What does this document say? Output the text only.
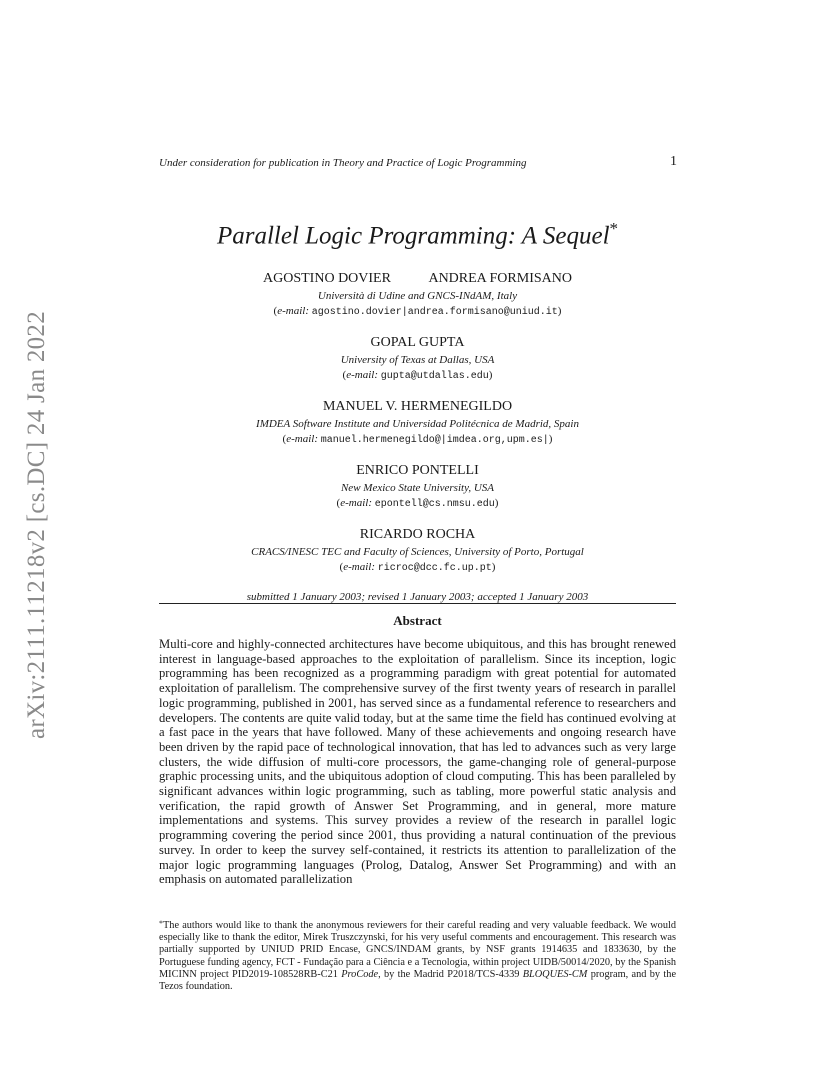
arXiv:2111.11218v2 [cs.DC] 24 Jan 2022
Under consideration for publication in Theory and Practice of Logic Programming	1
Parallel Logic Programming: A Sequel*

AGOSTINO DOVIER	ANDREA FORMISANO

Università di Udine and GNCS-INdAM, Italy

(e-mail: agostino.dovier|andrea.formisano@uniud.it)

GOPAL GUPTA

University of Texas at Dallas, USA

(e-mail: gupta@utdallas.edu)

MANUEL V. HERMENEGILDO

IMDEA Software Institute and Universidad Politécnica de Madrid, Spain

(e-mail: manuel.hermenegildo@|imdea.org,upm.es|)

ENRICO PONTELLI

New Mexico State University, USA

(e-mail: epontell@cs.nmsu.edu)

RICARDO ROCHA

CRACS/INESC TEC and Faculty of Sciences, University of Porto, Portugal

(e-mail: ricroc@dcc.fc.up.pt)

submitted 1 January 2003; revised 1 January 2003; accepted 1 January 2003

Abstract
Multi-core and highly-connected architectures have become ubiquitous, and this has brought renewed interest in language-based approaches to the exploitation of parallelism. Since its inception, logic programming has been recognized as a programming paradigm with great potential for automated exploitation of parallelism. The comprehensive survey of the first twenty years of research in parallel logic programming, published in 2001, has served since as a fundamental reference to researchers and developers. The contents are quite valid today, but at the same time the field has continued evolving at a fast pace in the years that have followed. Many of these achievements and ongoing research have been driven by the rapid pace of technological innovation, that has led to advances such as very large clusters, the wide diffusion of multi-core processors, the game-changing role of general-purpose graphic processing units, and the ubiquitous adoption of cloud computing. This has been paralleled by significant advances within logic programming, such as tabling, more powerful static analysis and verification, the rapid growth of Answer Set Programming, and in general, more mature implementations and systems. This survey provides a review of the research in parallel logic programming covering the period since 2001, thus providing a natural continuation of the previous survey. In order to keep the survey self-contained, it restricts its attention to parallelization of the major logic programming languages (Prolog, Datalog, Answer Set Programming) and with an emphasis on automated parallelization
*The authors would like to thank the anonymous reviewers for their careful reading and very valuable feedback. We would especially like to thank the editor, Mirek Truszczynski, for his very useful comments and encouragement. This research was partially supported by UNIUD PRID Encase, GNCS/INDAM grants, by NSF grants 1914635 and 1833630, by the Portuguese funding agency, FCT - Fundação para a Ciência e a Tecnologia, within project UIDB/50014/2020, by the Spanish MICINN project PID2019-108528RB-C21 ProCode, by the Madrid P2018/TCS-4339 BLOQUES-CM program, and by the Tezos foundation.
